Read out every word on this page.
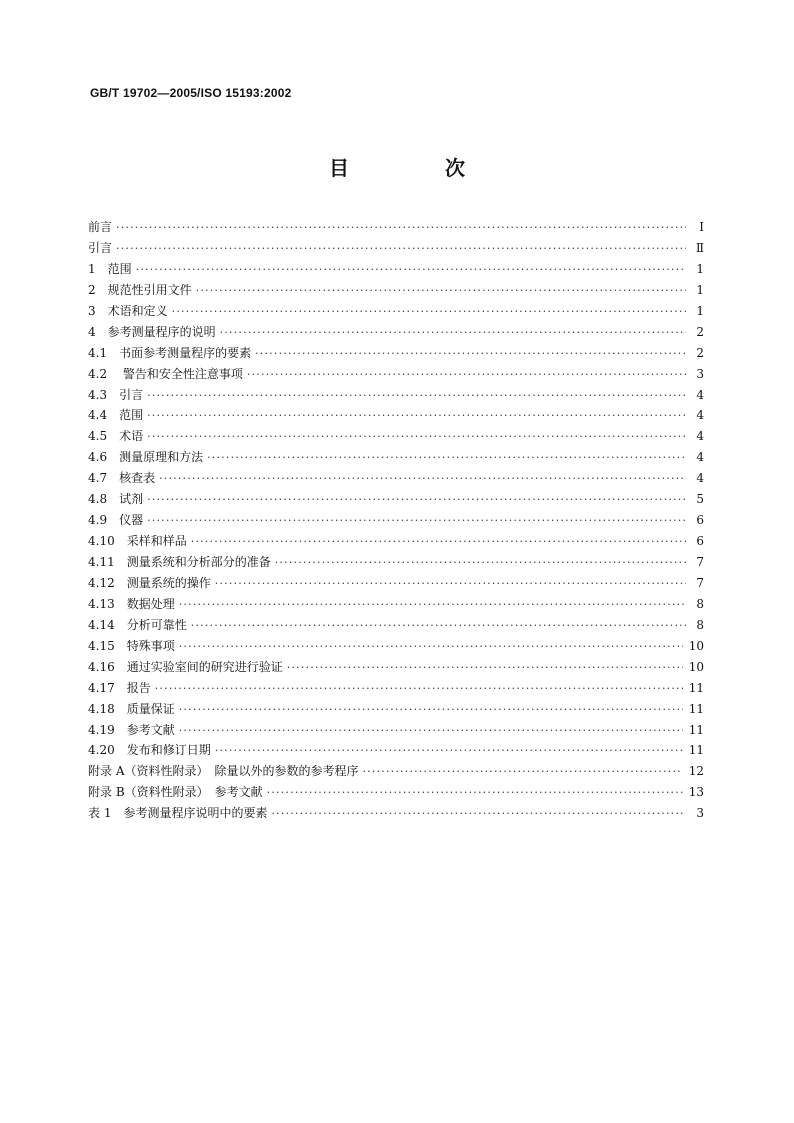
GB/T 19702—2005/ISO 15193:2002
目　次
前言 ·····	Ⅰ
引言 ·····	Ⅱ
1　范围 ·····	1
2　规范性引用文件 ·····	1
3　术语和定义 ·····	1
4　参考测量程序的说明 ·····	2
4.1　书面参考测量程序的要素 ·····	2
4.2　 警告和安全性注意事项 ·····	3
4.3　引言 ·····	4
4.4　范围 ·····	4
4.5　术语 ·····	4
4.6　测量原理和方法 ·····	4
4.7　核查表 ·····	4
4.8　试剂 ·····	5
4.9　仪器 ·····	6
4.10　采样和样品 ·····	6
4.11　测量系统和分析部分的准备 ·····	7
4.12　测量系统的操作 ·····	7
4.13　数据处理 ·····	8
4.14　分析可靠性 ·····	8
4.15　特殊事项 ·····	10
4.16　通过实验室间的研究进行验证 ·····	10
4.17　报告 ·····	11
4.18　质量保证 ·····	11
4.19　参考文献 ·····	11
4.20　发布和修订日期 ·····	11
附录 A（资料性附录）　除量以外的参数的参考程序 ·····	12
附录 B（资料性附录）　参考文献 ·····	13
表 1　参考测量程序说明中的要素 ·····	3
